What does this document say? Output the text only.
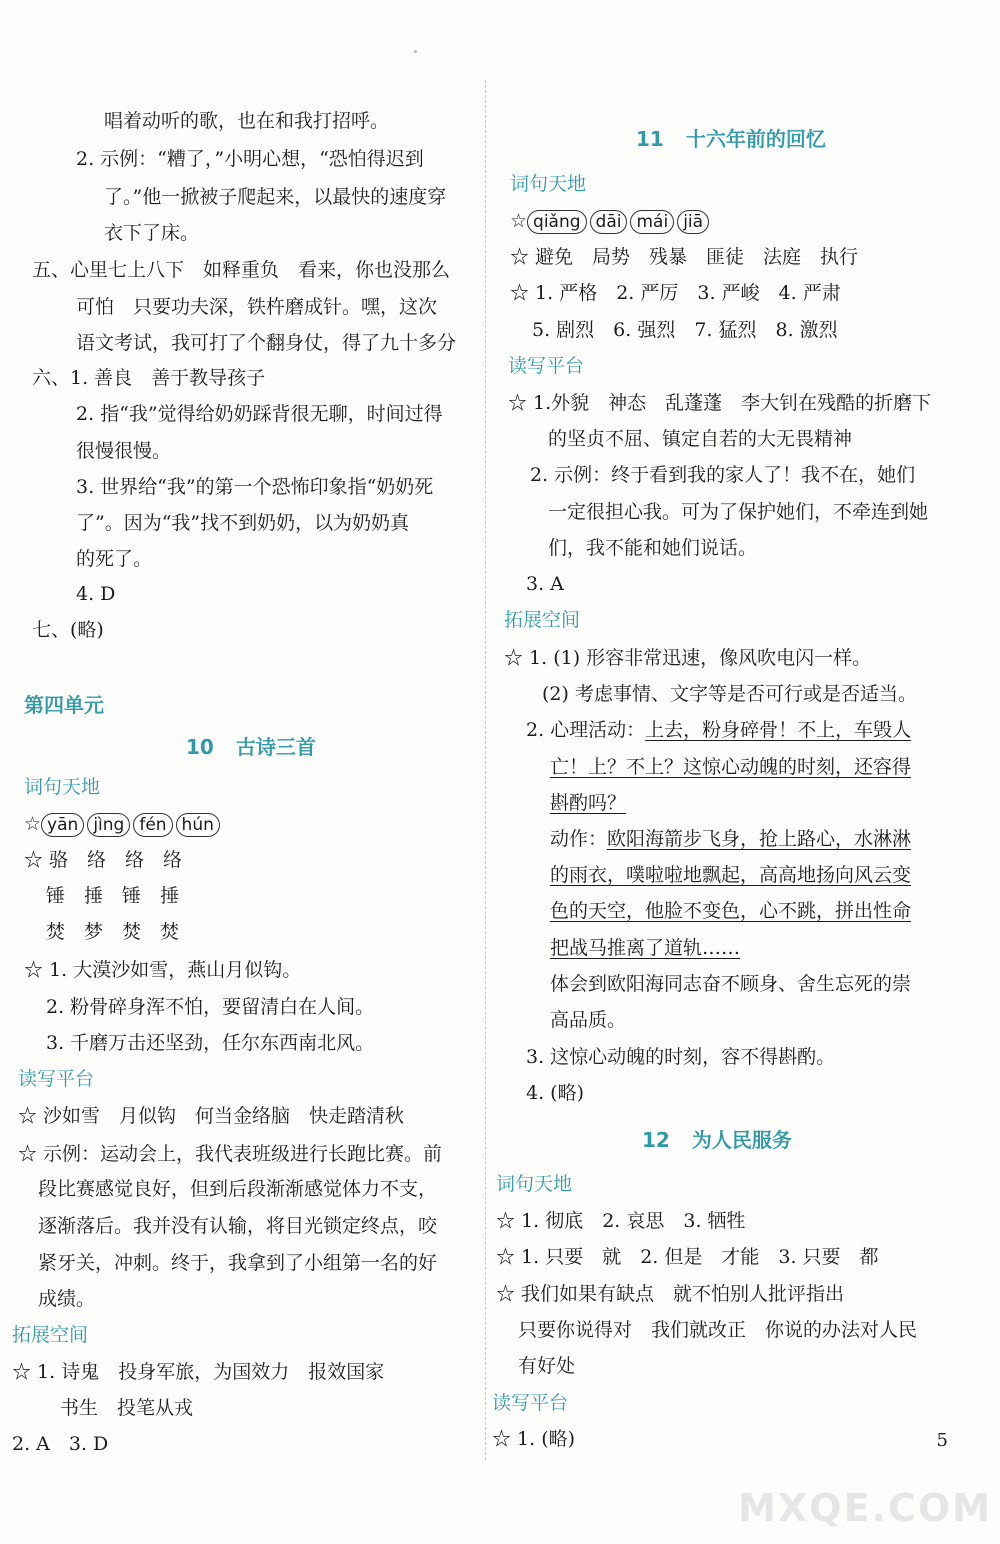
唱着动听的歌，也在和我打招呼。
2. 示例：“糟了，”小明心想，“恐怕得迟到
了。”他一掀被子爬起来，以最快的速度穿
衣下了床。
五、心里七上八下　如释重负　看来，你也没那么
可怕　只要功夫深，铁杵磨成针。嘿，这次
语文考试，我可打了个翻身仗，得了九十多分
六、1. 善良　善于教导孩子
2. 指“我”觉得给奶奶踩背很无聊，时间过得
很慢很慢。
3. 世界给“我”的第一个恐怖印象指“奶奶死
了”。因为“我”找不到奶奶，以为奶奶真
的死了。
4. D
七、(略)
第四单元
10 古诗三首
词句天地
☆ yān jìng fén hún
☆ 骆　络　络　络
锤　捶　锤　捶
焚　梦　焚　焚
☆ 1. 大漠沙如雪，燕山月似钩。
2. 粉骨碎身浑不怕，要留清白在人间。
3. 千磨万击还坚劲，任尔东西南北风。
读写平台
☆ 沙如雪　月似钩　何当金络脑　快走踏清秋
☆ 示例：运动会上，我代表班级进行长跑比赛。前
段比赛感觉良好，但到后段渐渐感觉体力不支，
逐渐落后。我并没有认输，将目光锁定终点，咬
紧牙关，冲刺。终于，我拿到了小组第一名的好
成绩。
拓展空间
☆ 1. 诗鬼　投身军旅，为国效力　报效国家
书生　投笔从戎
2. A　3. D
11 十六年前的回忆
词句天地
☆ qiǎng dāi mái jiā
☆ 避免　局势　残暴　匪徒　法庭　执行
☆ 1. 严格　2. 严厉　3. 严峻　4. 严肃
5. 剧烈　6. 强烈　7. 猛烈　8. 激烈
读写平台
☆ 1.外貌　神态　乱蓬蓬　李大钊在残酷的折磨下
的坚贞不屈、镇定自若的大无畏精神
2. 示例：终于看到我的家人了！我不在，她们
一定很担心我。可为了保护她们，不牵连到她
们，我不能和她们说话。
3. A
拓展空间
☆ 1. (1) 形容非常迅速，像风吹电闪一样。
(2) 考虑事情、文字等是否可行或是否适当。
2. 心理活动：上去，粉身碎骨！不上，车毁人
亡！上？不上？这惊心动魄的时刻，还容得
斟酌吗？
动作：欧阳海箭步飞身，抢上路心，水淋淋
的雨衣，噗啦啦地飘起，高高地扬向风云变
色的天空，他脸不变色，心不跳，拼出性命
把战马推离了道轨……
体会到欧阳海同志奋不顾身、舍生忘死的崇
高品质。
3. 这惊心动魄的时刻，容不得斟酌。
4. (略)
12 为人民服务
词句天地
☆ 1. 彻底　2. 哀思　3. 牺牲
☆ 1. 只要　就　2. 但是　才能　3. 只要　都
☆ 我们如果有缺点　就不怕别人批评指出
只要你说得对　我们就改正　你说的办法对人民
有好处
读写平台
☆ 1. (略)	5
MXQE.COM
